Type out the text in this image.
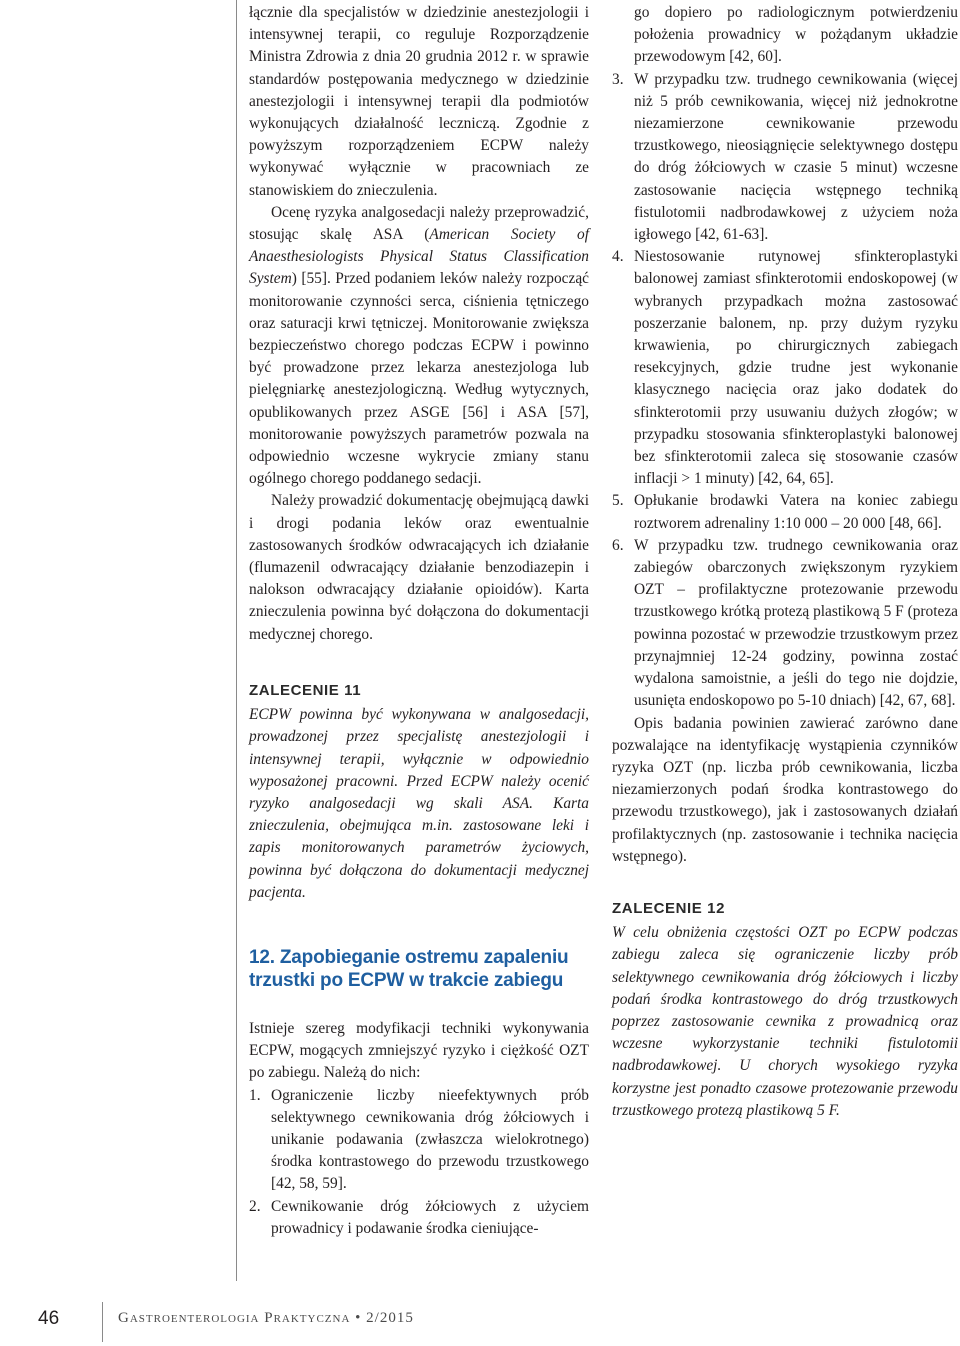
łącznie dla specjalistów w dziedzinie anestezjologii i intensywnej terapii, co reguluje Rozporządzenie Ministra Zdrowia z dnia 20 grudnia 2012 r. w sprawie standardów postępowania medycznego w dziedzinie anestezjologii i intensywnej terapii dla podmiotów wykonujących działalność leczniczą. Zgodnie z powyższym rozporządzeniem ECPW należy wykonywać wyłącznie w pracowniach ze stanowiskiem do znieczulenia.

Ocenę ryzyka analgosedacji należy przeprowadzić, stosując skalę ASA (American Society of Anaesthesiologists Physical Status Classification System) [55]. Przed podaniem leków należy rozpocząć monitorowanie czynności serca, ciśnienia tętniczego oraz saturacji krwi tętniczej. Monitorowanie zwiększa bezpieczeństwo chorego podczas ECPW i powinno być prowadzone przez lekarza anestezjologa lub pielęgniarkę anestezjologiczną. Według wytycznych, opublikowanych przez ASGE [56] i ASA [57], monitorowanie powyższych parametrów pozwala na odpowiednio wczesne wykrycie zmiany stanu ogólnego chorego poddanego sedacji.

Należy prowadzić dokumentację obejmującą dawki i drogi podania leków oraz ewentualnie zastosowanych środków odwracających ich działanie (flumazenil odwracający działanie benzodiazepin i nalokson odwracający działanie opioidów). Karta znieczulenia powinna być dołączona do dokumentacji medycznej chorego.

ZALECENIE 11

ECPW powinna być wykonywana w analgosedacji, prowadzonej przez specjalistę anestezjologii i intensywnej terapii, wyłącznie w odpowiednio wyposażonej pracowni. Przed ECPW należy ocenić ryzyko analgosedacji wg skali ASA. Karta znieczulenia, obejmująca m.in. zastosowane leki i zapis monitorowanych parametrów życiowych, powinna być dołączona do dokumentacji medycznej pacjenta.

12. Zapobieganie ostremu zapaleniu trzustki po ECPW w trakcie zabiegu

Istnieje szereg modyfikacji techniki wykonywania ECPW, mogących zmniejszyć ryzyko i ciężkość OZT po zabiegu. Należą do nich:

1. Ograniczenie liczby nieefektywnych prób selektywnego cewnikowania dróg żółciowych i unikanie podawania (zwłaszcza wielokrotnego) środka kontrastowego do przewodu trzustkowego [42, 58, 59].
2. Cewnikowanie dróg żółciowych z użyciem prowadnicy i podawanie środka cieniujące-

go dopiero po radiologicznym potwierdzeniu położenia prowadnicy w pożądanym układzie przewodowym [42, 60].

3. W przypadku tzw. trudnego cewnikowania (więcej niż 5 prób cewnikowania, więcej niż jednokrotne niezamierzone cewnikowanie przewodu trzustkowego, nieosiągnięcie selektywnego dostępu do dróg żółciowych w czasie 5 minut) wczesne zastosowanie nacięcia wstępnego techniką fistulotomii nadbrodawkowej z użyciem noża igłowego [42, 61-63].
4. Niestosowanie rutynowej sfinkteroplastyki balonowej zamiast sfinkterotomii endoskopowej (w wybranych przypadkach można zastosować poszerzanie balonem, np. przy dużym ryzyku krwawienia, po chirurgicznych zabiegach resekcyjnych, gdzie trudne jest wykonanie klasycznego nacięcia oraz jako dodatek do sfinkterotomii przy usuwaniu dużych złogów; w przypadku stosowania sfinkteroplastyki balonowej bez sfinkterotomii zaleca się stosowanie czasów inflacji > 1 minuty) [42, 64, 65].
5. Opłukanie brodawki Vatera na koniec zabiegu roztworem adrenaliny 1:10 000 – 20 000 [48, 66].
6. W przypadku tzw. trudnego cewnikowania oraz zabiegów obarczonych zwiększonym ryzykiem OZT – profilaktyczne protezowanie przewodu trzustkowego krótką protezą plastikową 5 F (proteza powinna pozostać w przewodzie trzustkowym przez przynajmniej 12-24 godziny, powinna zostać wydalona samoistnie, a jeśli do tego nie dojdzie, usunięta endoskopowo po 5-10 dniach) [42, 67, 68].

Opis badania powinien zawierać zarówno dane pozwalające na identyfikację wystąpienia czynników ryzyka OZT (np. liczba prób cewnikowania, liczba niezamierzonych podań środka kontrastowego do przewodu trzustkowego), jak i zastosowanych działań profilaktycznych (np. zastosowanie i technika nacięcia wstępnego).

ZALECENIE 12

W celu obniżenia częstości OZT po ECPW podczas zabiegu zaleca się ograniczenie liczby prób selektywnego cewnikowania dróg żółciowych i liczby podań środka kontrastowego do dróg trzustkowych poprzez zastosowanie cewnika z prowadnicą oraz wczesne wykorzystanie techniki fistulotomii nadbrodawkowej. U chorych wysokiego ryzyka korzystne jest ponadto czasowe protezowanie przewodu trzustkowego protezą plastikową 5 F.

46	Gastroenterologia Praktyczna • 2/2015
